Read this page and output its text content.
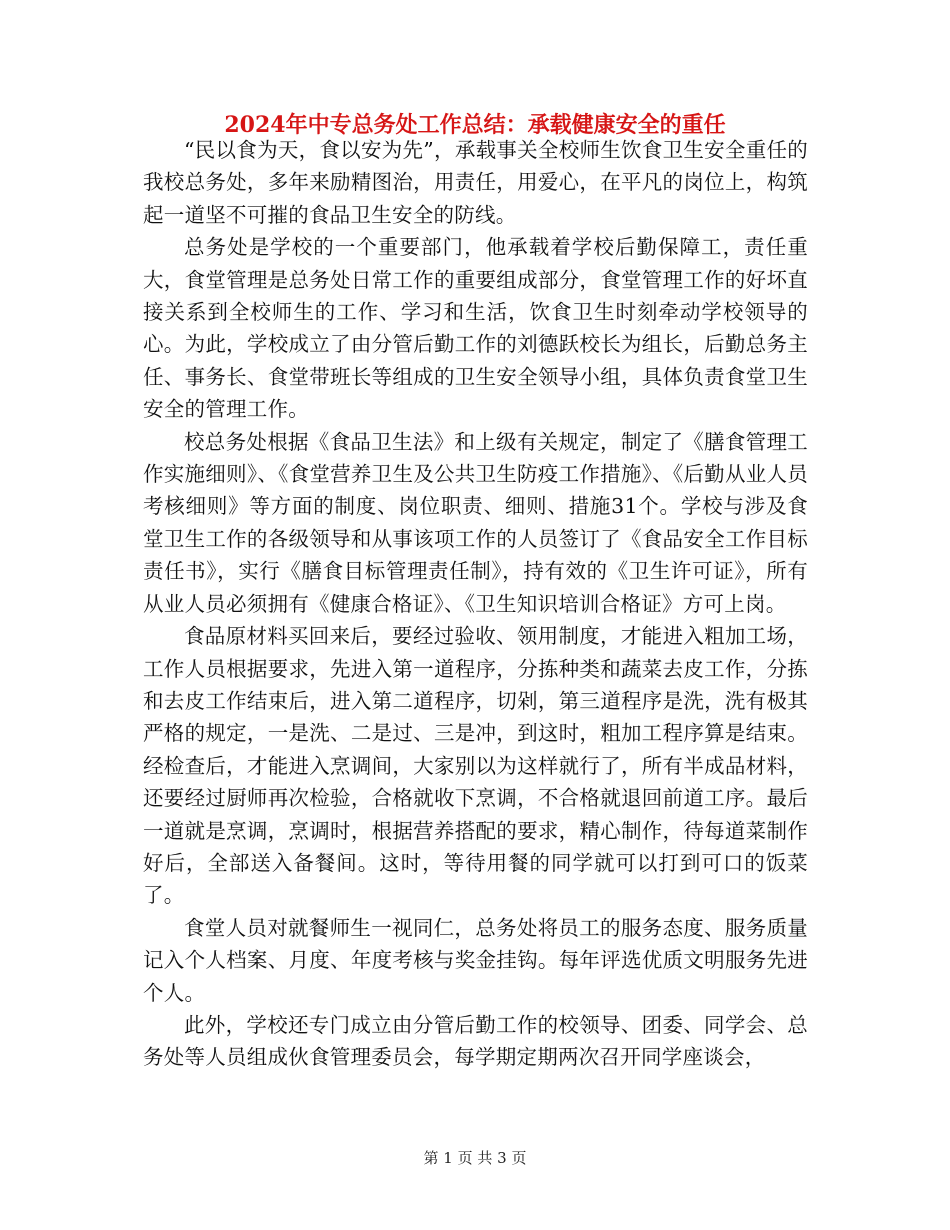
2024年中专总务处工作总结：承载健康安全的重任

“民以食为天，食以安为先”，承载事关全校师生饮食卫生安全重任的我校总务处，多年来励精图治，用责任，用爱心，在平凡的岗位上，构筑起一道坚不可摧的食品卫生安全的防线。

总务处是学校的一个重要部门，他承载着学校后勤保障工，责任重大，食堂管理是总务处日常工作的重要组成部分，食堂管理工作的好坏直接关系到全校师生的工作、学习和生活，饮食卫生时刻牵动学校领导的心。为此，学校成立了由分管后勤工作的刘德跃校长为组长，后勤总务主任、事务长、食堂带班长等组成的卫生安全领导小组，具体负责食堂卫生安全的管理工作。

校总务处根据《食品卫生法》和上级有关规定，制定了《膳食管理工作实施细则》、《食堂营养卫生及公共卫生防疫工作措施》、《后勤从业人员考核细则》等方面的制度、岗位职责、细则、措施31个。学校与涉及食堂卫生工作的各级领导和从事该项工作的人员签订了《食品安全工作目标责任书》，实行《膳食目标管理责任制》，持有效的《卫生许可证》，所有从业人员必须拥有《健康合格证》、《卫生知识培训合格证》方可上岗。

食品原材料买回来后，要经过验收、领用制度，才能进入粗加工场，工作人员根据要求，先进入第一道程序，分拣种类和蔬菜去皮工作，分拣和去皮工作结束后，进入第二道程序，切剁，第三道程序是洗，洗有极其严格的规定，一是洗、二是过、三是冲，到这时，粗加工程序算是结束。经检查后，才能进入烹调间，大家别以为这样就行了，所有半成品材料，还要经过厨师再次检验，合格就收下烹调，不合格就退回前道工序。最后一道就是烹调，烹调时，根据营养搭配的要求，精心制作，待每道菜制作好后，全部送入备餐间。这时，等待用餐的同学就可以打到可口的饭菜了。

食堂人员对就餐师生一视同仁，总务处将员工的服务态度、服务质量记入个人档案、月度、年度考核与奖金挂钩。每年评选优质文明服务先进个人。

此外，学校还专门成立由分管后勤工作的校领导、团委、同学会、总务处等人员组成伙食管理委员会，每学期定期两次召开同学座谈会，

第 1 页 共 3 页
